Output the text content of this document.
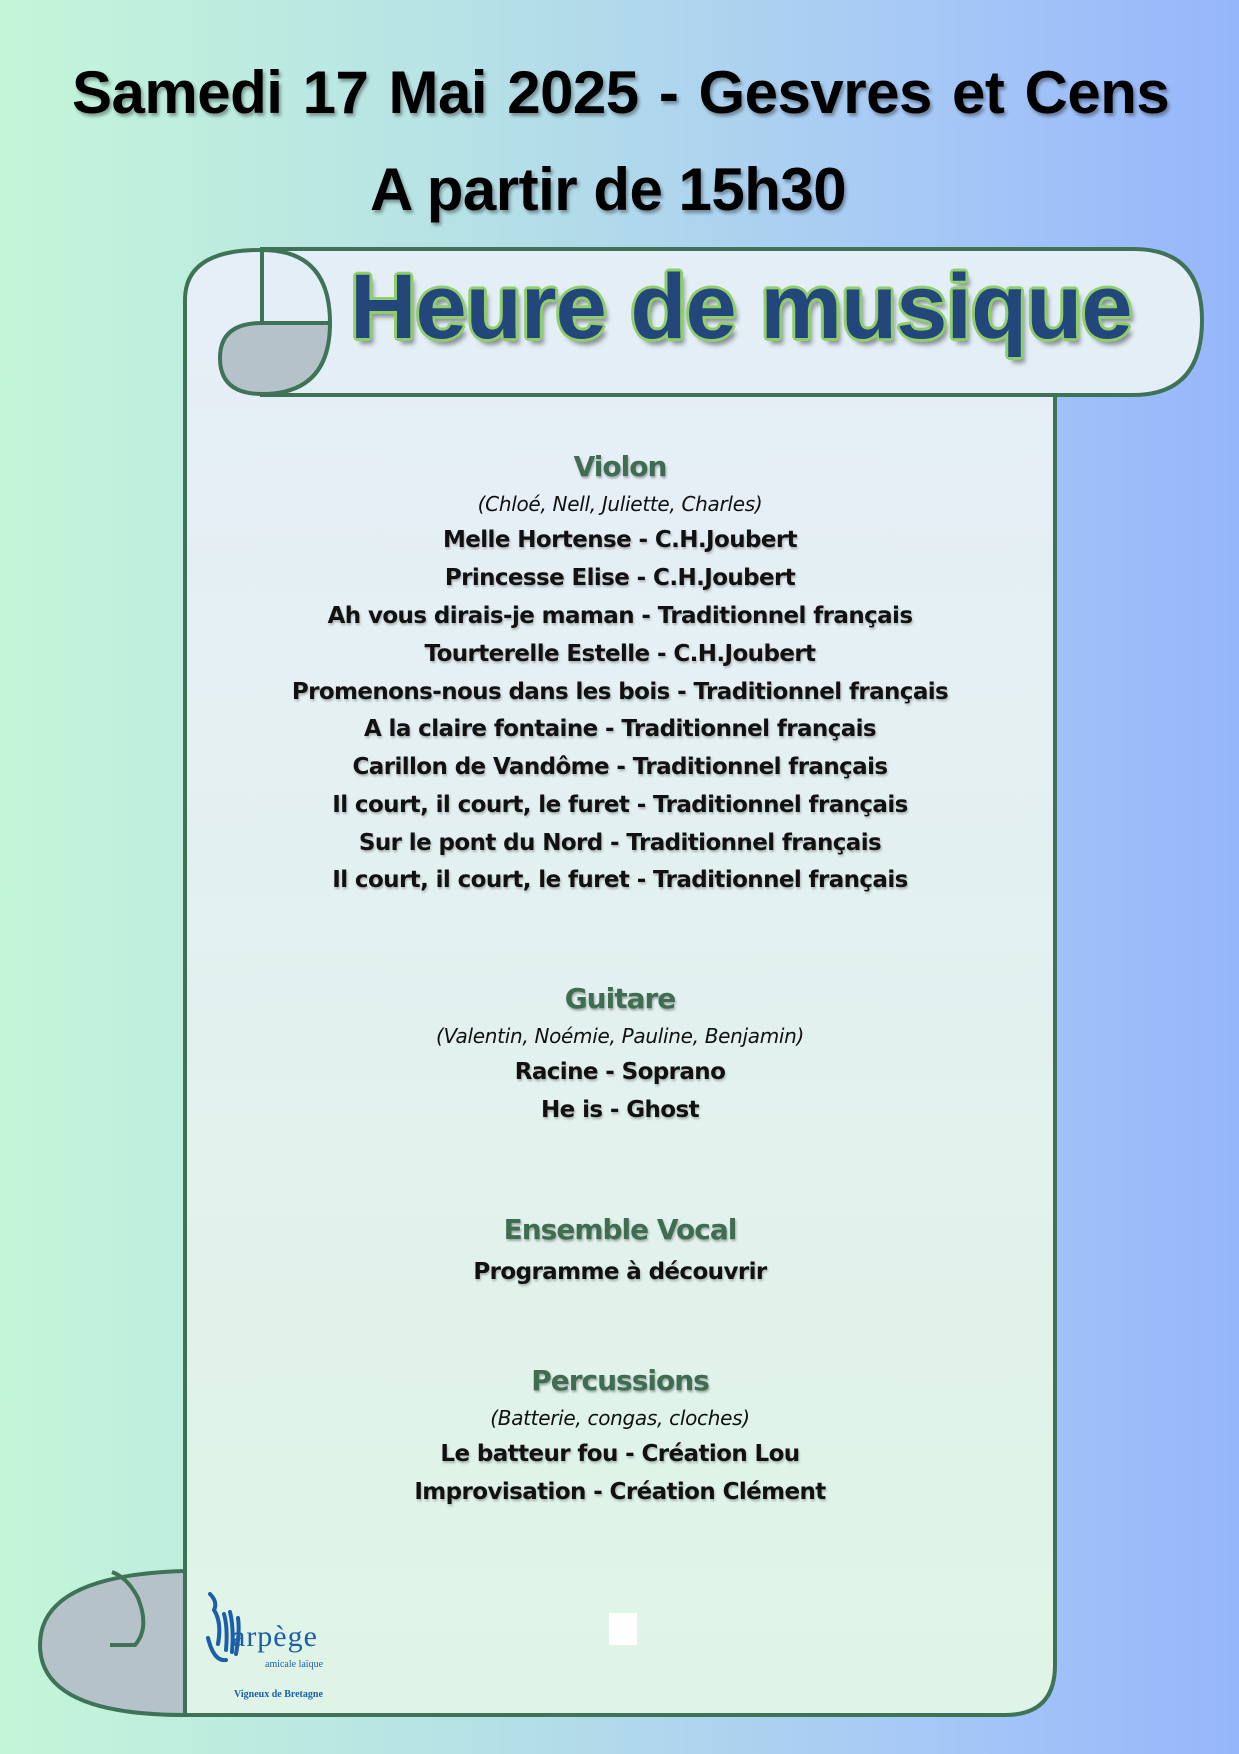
Samedi 17 Mai 2025 - Gesvres et Cens
A partir de 15h30
Heure de musique
Violon
(Chloé, Nell, Juliette, Charles)
Melle Hortense - C.H.Joubert
Princesse Elise - C.H.Joubert
Ah vous dirais-je maman - Traditionnel français
Tourterelle Estelle - C.H.Joubert
Promenons-nous dans les bois - Traditionnel français
A la claire fontaine - Traditionnel français
Carillon de Vandôme - Traditionnel français
Il court, il court, le furet - Traditionnel français
Sur le pont du Nord - Traditionnel français
Il court, il court, le furet - Traditionnel français
Guitare
(Valentin, Noémie, Pauline, Benjamin)
Racine - Soprano
He is - Ghost
Ensemble Vocal
Programme à découvrir
Percussions
(Batterie, congas, cloches)
Le batteur fou - Création Lou
Improvisation - Création Clément
arpège
amicale laïque
Vigneux de Bretagne
